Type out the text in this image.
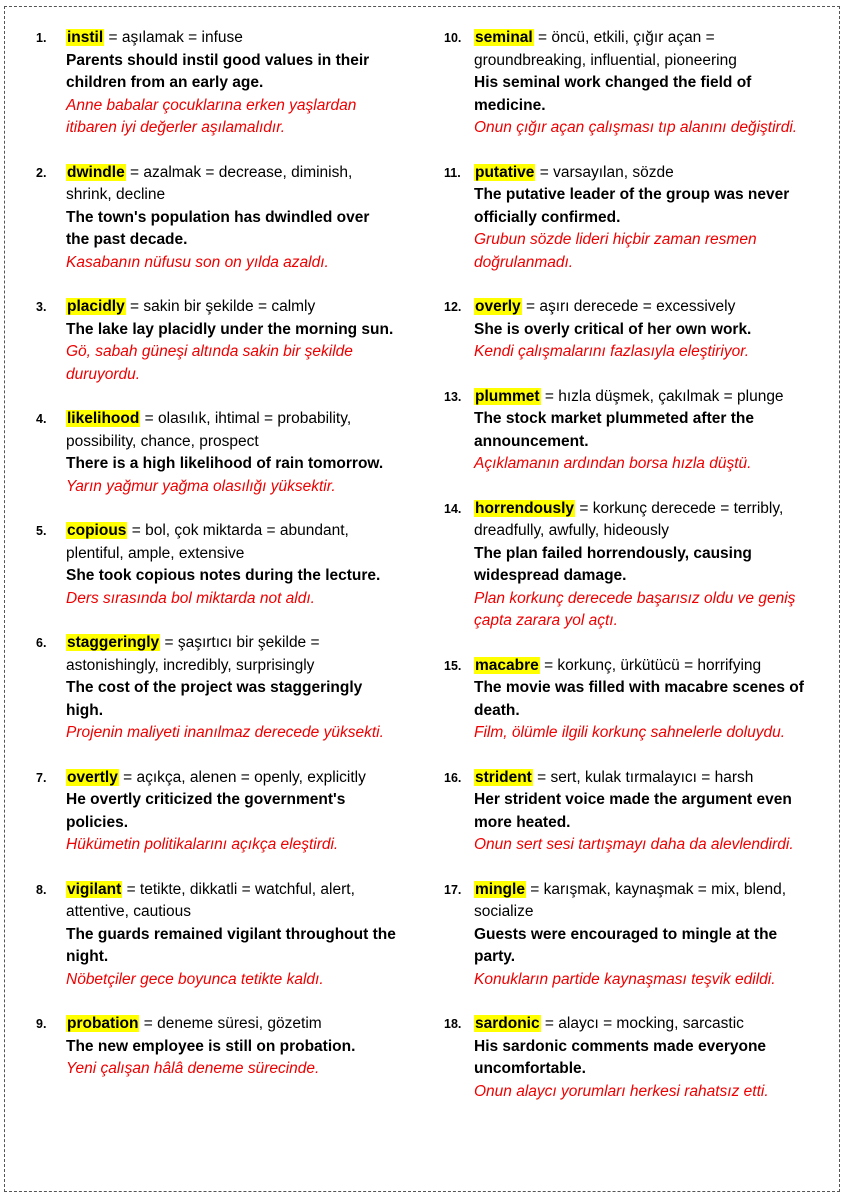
1. instil = aşılamak = infuse
Parents should instil good values in their children from an early age.
Anne babalar çocuklarına erken yaşlardan itibaren iyi değerler aşılamalıdır.
2. dwindle = azalmak = decrease, diminish, shrink, decline
The town's population has dwindled over the past decade.
Kasabanın nüfusu son on yılda azaldı.
3. placidly = sakin bir şekilde = calmly
The lake lay placidly under the morning sun.
Gö, sabah güneşi altında sakin bir şekilde duruyordu.
4. likelihood = olasılık, ihtimal = probability, possibility, chance, prospect
There is a high likelihood of rain tomorrow.
Yarın yağmur yağma olasılığı yüksektir.
5. copious = bol, çok miktarda = abundant, plentiful, ample, extensive
She took copious notes during the lecture.
Ders sırasında bol miktarda not aldı.
6. staggeringly = şaşırtıcı bir şekilde = astonishingly, incredibly, surprisingly
The cost of the project was staggeringly high.
Projenin maliyeti inanılmaz derecede yüksekti.
7. overtly = açıkça, alenen = openly, explicitly
He overtly criticized the government's policies.
Hükümetin politikalarını açıkça eleştirdi.
8. vigilant = tetikte, dikkatli = watchful, alert, attentive, cautious
The guards remained vigilant throughout the night.
Nöbetçiler gece boyunca tetikte kaldı.
9. probation = deneme süresi, gözetim
The new employee is still on probation.
Yeni çalışan hâlâ deneme sürecinde.
10. seminal = öncü, etkili, çığır açan = groundbreaking, influential, pioneering
His seminal work changed the field of medicine.
Onun çığır açan çalışması tıp alanını değiştirdi.
11. putative = varsayılan, sözde
The putative leader of the group was never officially confirmed.
Grubun sözde lideri hiçbir zaman resmen doğrulanmadı.
12. overly = aşırı derecede = excessively
She is overly critical of her own work.
Kendi çalışmalarını fazlasıyla eleştiriyor.
13. plummet = hızla düşmek, çakılmak = plunge
The stock market plummeted after the announcement.
Açıklamanın ardından borsa hızla düştü.
14. horrendously = korkunç derecede = terribly, dreadfully, awfully, hideously
The plan failed horrendously, causing widespread damage.
Plan korkunç derecede başarısız oldu ve geniş çapta zarara yol açtı.
15. macabre = korkunç, ürkütücü = horrifying
The movie was filled with macabre scenes of death.
Film, ölümle ilgili korkunç sahnelerle doluydu.
16. strident = sert, kulak tırmalayıcı = harsh
Her strident voice made the argument even more heated.
Onun sert sesi tartışmayı daha da alevlendirdi.
17. mingle = karışmak, kaynaşmak = mix, blend, socialize
Guests were encouraged to mingle at the party.
Konukların partide kaynaşması teşvik edildi.
18. sardonic = alaycı = mocking, sarcastic
His sardonic comments made everyone uncomfortable.
Onun alaycı yorumları herkesi rahatsız etti.
